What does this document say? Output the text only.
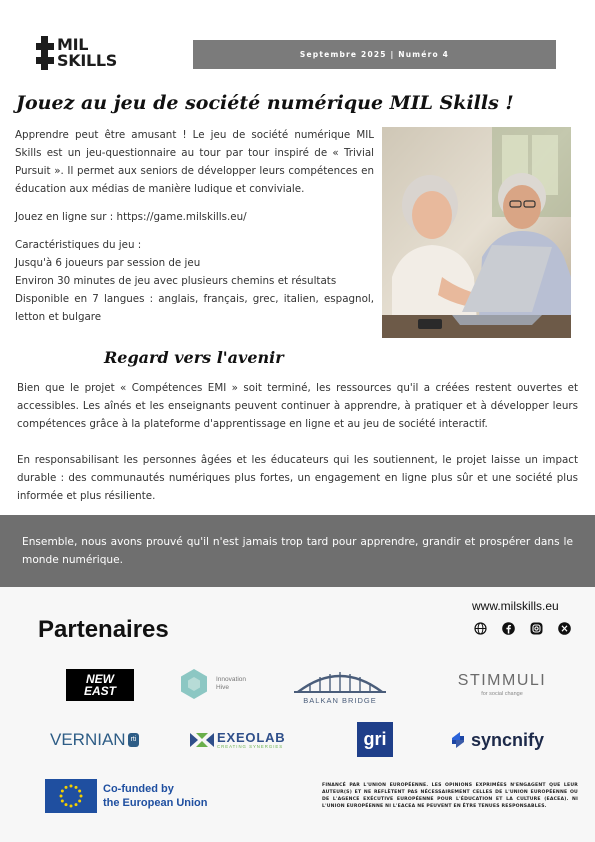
MIL
SKILLS	Septembre 2025 | Numéro 4
Jouez au jeu de société numérique MIL Skills !

Apprendre peut être amusant ! Le jeu de société numérique MIL Skills est un jeu-questionnaire au tour par tour inspiré de « Trivial Pursuit ». Il permet aux seniors de développer leurs compétences en éducation aux médias de manière ludique et conviviale.

Jouez en ligne sur : https://game.milskills.eu/

Caractéristiques du jeu :

Jusqu'à 6 joueurs par session de jeu

Environ 30 minutes de jeu avec plusieurs chemins et résultats

Disponible en 7 langues : anglais, français, grec, italien, espagnol, letton et bulgare

Regard vers l'avenir

Bien que le projet « Compétences EMI » soit terminé, les ressources qu'il a créées restent ouvertes et accessibles. Les aînés et les enseignants peuvent continuer à apprendre, à pratiquer et à développer leurs compétences grâce à la plateforme d'apprentissage en ligne et au jeu de société interactif.

En responsabilisant les personnes âgées et les éducateurs qui les soutiennent, le projet laisse un impact durable : des communautés numériques plus fortes, un engagement en ligne plus sûr et une société plus informée et plus résiliente.

Ensemble, nous avons prouvé qu'il n'est jamais trop tard pour apprendre, grandir et prospérer dans le monde numérique.

Partenaires
www.milskills.eu
NEW EAST
Innovation
Hive
BALKAN BRIDGE
STIMMULI
for social change
VERNIAN rti	EXEOLAB
CREATING SYNERGIES	gri	syncnify
Co-funded by
the European Union
FINANCÉ PAR L'UNION EUROPÉENNE. LES OPINIONS EXPRIMÉES N'ENGAGENT QUE LEUR AUTEUR(S) ET NE REFLÈTENT PAS NÉCESSAIREMENT CELLES DE L'UNION EUROPÉENNE OU DE L'AGENCE EXÉCUTIVE EUROPÉENNE POUR L'ÉDUCATION ET LA CULTURE (EACEA). NI L'UNION EUROPÉENNE NI L'EACEA NE PEUVENT EN ÊTRE TENUES RESPONSABLES.
